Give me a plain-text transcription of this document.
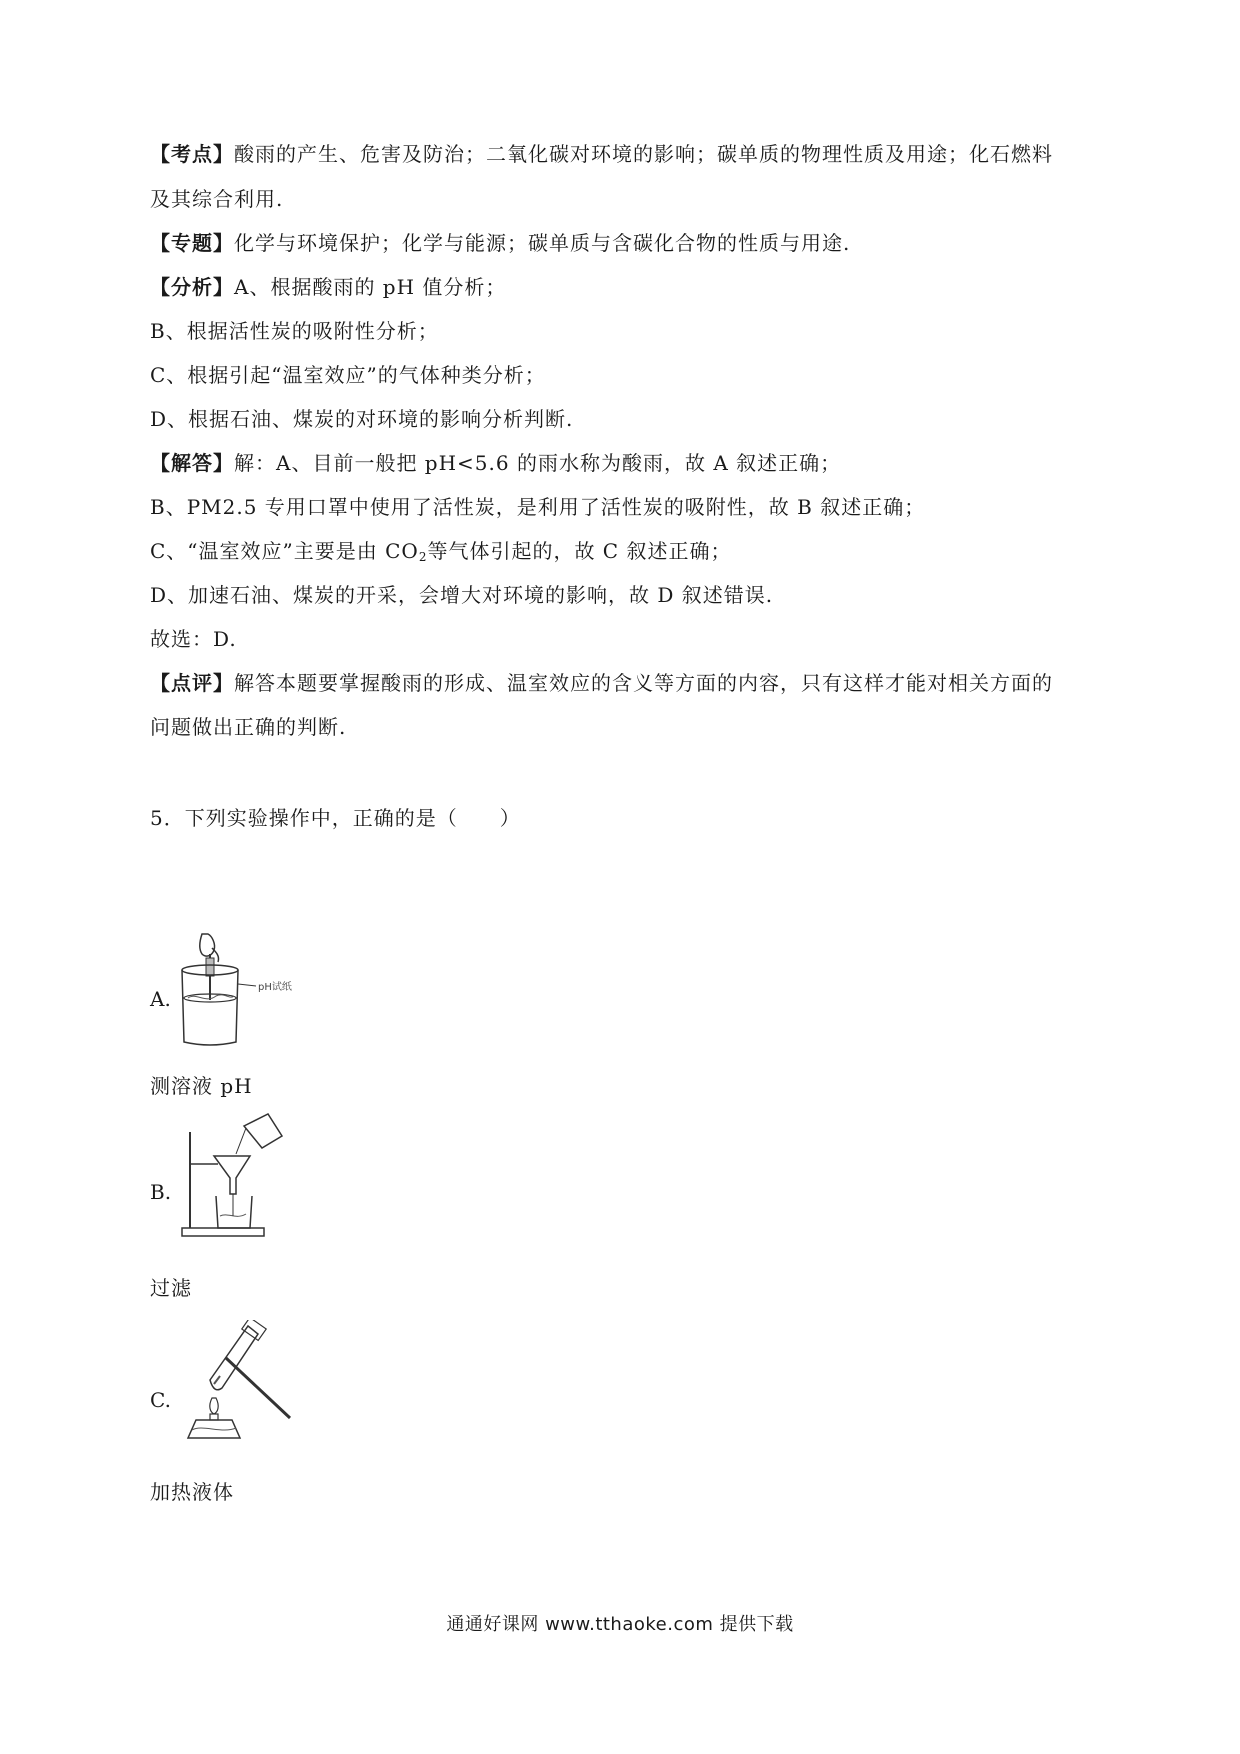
【考点】酸雨的产生、危害及防治；二氧化碳对环境的影响；碳单质的物理性质及用途；化石燃料
及其综合利用.
【专题】化学与环境保护；化学与能源；碳单质与含碳化合物的性质与用途.
【分析】A、根据酸雨的 pH 值分析；
B、根据活性炭的吸附性分析；
C、根据引起“温室效应”的气体种类分析；
D、根据石油、煤炭的对环境的影响分析判断.
【解答】解：A、目前一般把 pH<5.6 的雨水称为酸雨，故 A 叙述正确；
B、PM2.5 专用口罩中使用了活性炭，是利用了活性炭的吸附性，故 B 叙述正确；
C、“温室效应”主要是由 $CO_2$等气体引起的，故 C 叙述正确；
D、加速石油、煤炭的开采，会增大对环境的影响，故 D 叙述错误.
故选：D.
【点评】解答本题要掌握酸雨的形成、温室效应的含义等方面的内容，只有这样才能对相关方面的
问题做出正确的判断.
5．下列实验操作中，正确的是（　　）
A.	pH试纸
测溶液 pH
B.
过滤
C.
加热液体
通通好课网 www.tthaoke.com 提供下载
